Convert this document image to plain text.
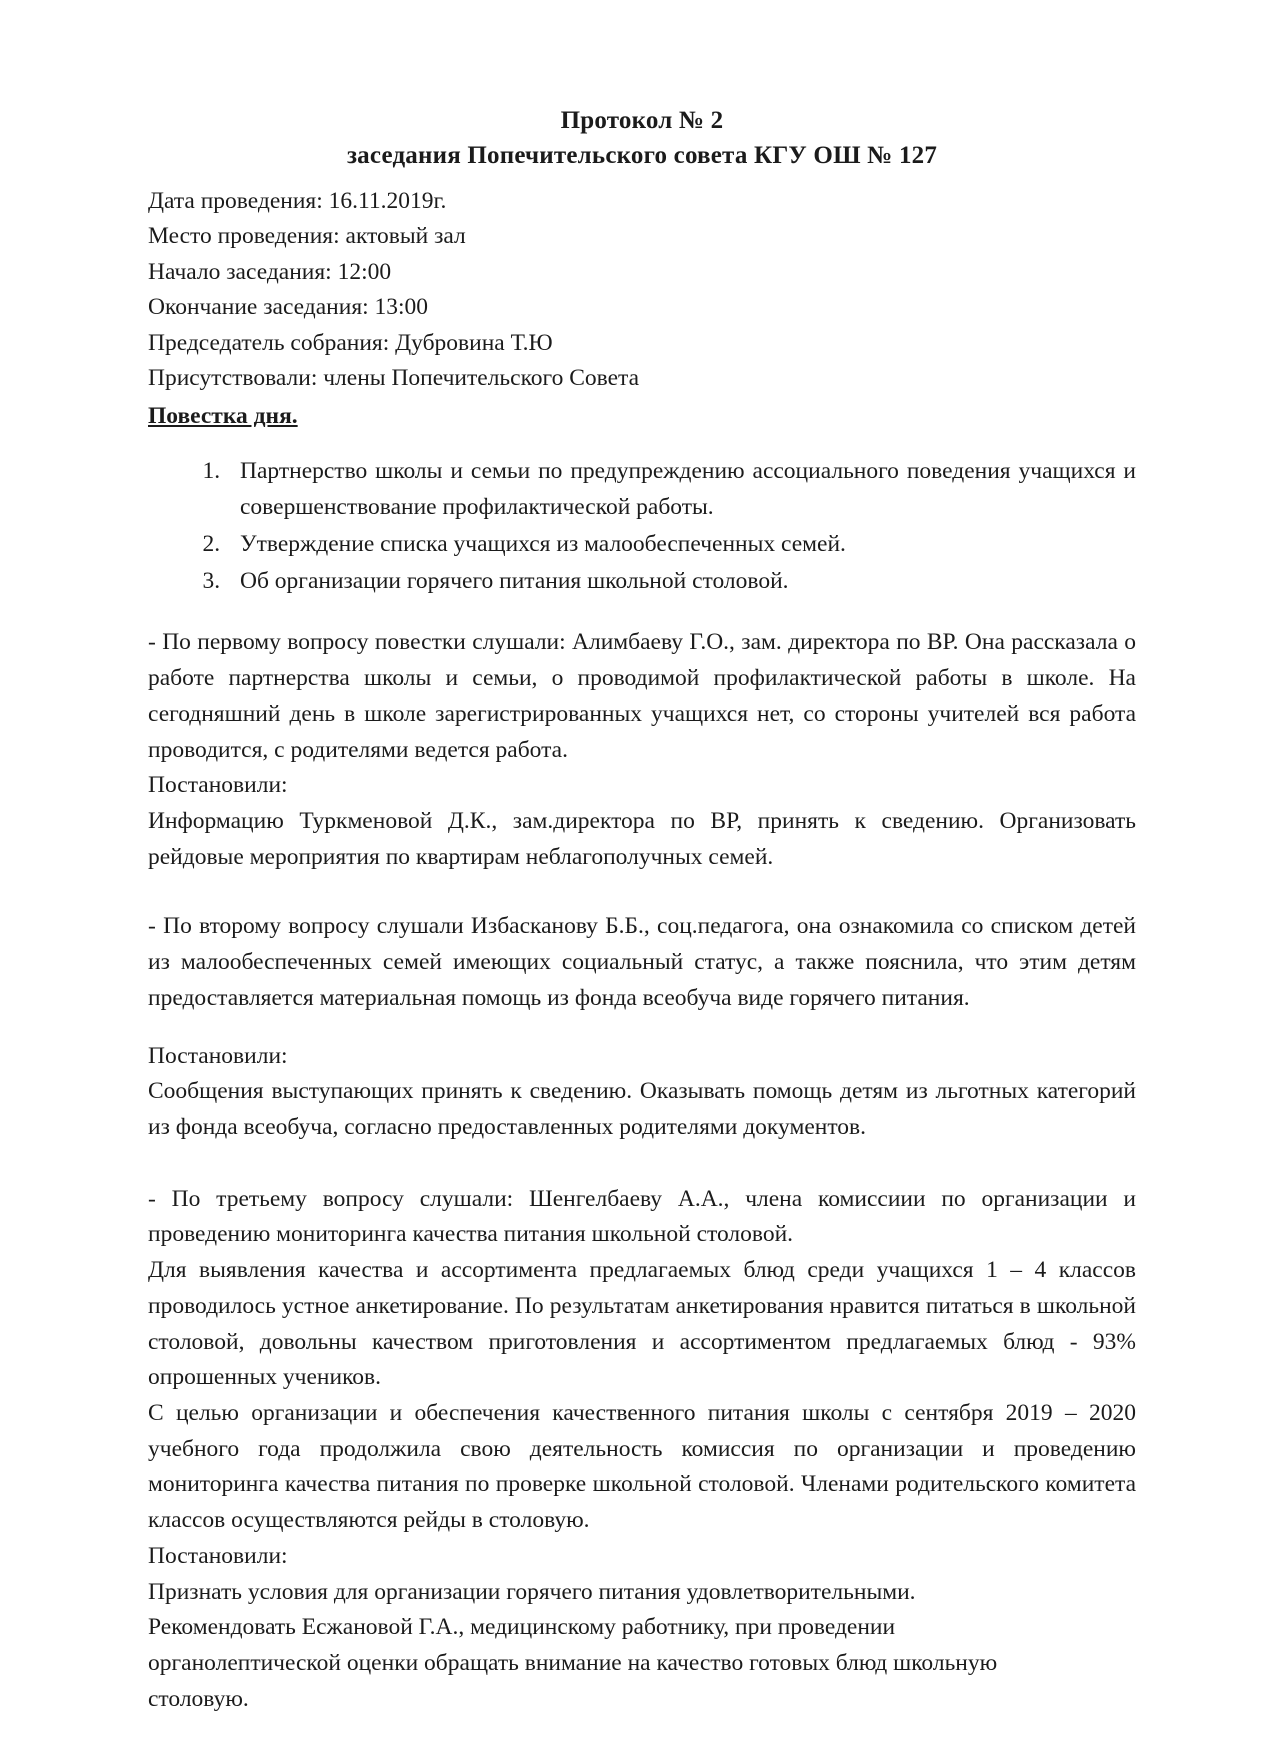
Протокол № 2
заседания Попечительского совета КГУ ОШ № 127
Дата проведения: 16.11.2019г.
Место проведения: актовый зал
Начало заседания: 12:00
Окончание заседания: 13:00
Председатель собрания: Дубровина Т.Ю
Присутствовали: члены Попечительского Совета
Повестка дня.
1. Партнерство школы и семьи по предупреждению ассоциального поведения учащихся и совершенствование профилактической работы.
2. Утверждение списка учащихся из малообеспеченных семей.
3. Об организации горячего питания школьной столовой.
- По первому вопросу повестки слушали: Алимбаеву Г.О., зам. директора по ВР. Она рассказала о работе партнерства школы и семьи, о проводимой профилактической работы в школе. На сегодняшний день в школе зарегистрированных учащихся нет, со стороны учителей вся работа проводится, с родителями ведется работа.
Постановили:
Информацию Туркменовой Д.К., зам.директора по ВР, принять к сведению. Организовать рейдовые мероприятия по квартирам неблагополучных семей.
- По второму вопросу слушали Избасканову Б.Б., соц.педагога, она ознакомила со списком детей из малообеспеченных семей имеющих социальный статус, а также пояснила, что этим детям предоставляется материальная помощь из фонда всеобуча виде горячего питания.
Постановили:
Сообщения выступающих принять к сведению. Оказывать помощь детям из льготных категорий из фонда всеобуча, согласно предоставленных родителями документов.
- По третьему вопросу слушали: Шенгелбаеву А.А., члена комиссиии по организации и проведению мониторинга качества питания школьной столовой.
Для выявления качества и ассортимента предлагаемых блюд среди учащихся 1 – 4 классов проводилось устное анкетирование. По результатам анкетирования нравится питаться в школьной столовой, довольны качеством приготовления и ассортиментом предлагаемых блюд - 93% опрошенных учеников.
С целью организации и обеспечения качественного питания школы с сентября 2019 – 2020 учебного года продолжила свою деятельность комиссия по организации и проведению мониторинга качества питания по проверке школьной столовой. Членами родительского комитета классов осуществляются рейды в столовую.
Постановили:
Признать условия для организации горячего питания удовлетворительными.
Рекомендовать Есжановой Г.А., медицинскому работнику, при проведении
органолептической оценки обращать внимание на качество готовых блюд школьную
столовую.
